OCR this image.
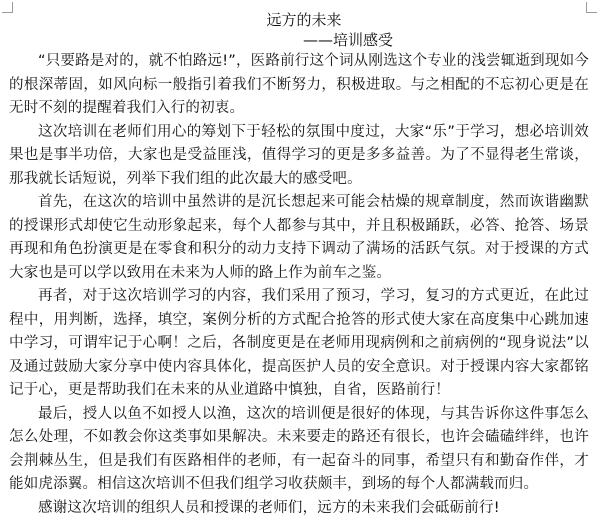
远方的未来

——培训感受

“只要路是对的，就不怕路远!”，医路前行这个词从刚选这个专业的浅尝辄逝到现如今的根深蒂固，如风向标一般指引着我们不断努力，积极进取。与之相配的不忘初心更是在无时不刻的提醒着我们入行的初衷。

这次培训在老师们用心的筹划下于轻松的氛围中度过，大家“乐”于学习，想必培训效果也是事半功倍，大家也是受益匪浅，值得学习的更是多多益善。为了不显得老生常谈，那我就长话短说，列举下我们组的此次最大的感受吧。

首先，在这次的培训中虽然讲的是沉长想起来可能会枯燥的规章制度，然而诙谐幽默的授课形式却使它生动形象起来，每个人都参与其中，并且积极踊跃，必答、抢答、场景再现和角色扮演更是在零食和积分的动力支持下调动了满场的活跃气氛。对于授课的方式大家也是可以学以致用在未来为人师的路上作为前车之鉴。

再者，对于这次培训学习的内容，我们采用了预习，学习，复习的方式更近，在此过程中，用判断，选择，填空，案例分析的方式配合抢答的形式使大家在高度集中心跳加速中学习，可谓牢记于心啊！之后，各制度更是在老师用现病例和之前病例的“现身说法”以及通过鼓励大家分享中使内容具体化，提高医护人员的安全意识。对于授课内容大家都铭记于心，更是帮助我们在未来的从业道路中慎独，自省，医路前行！

最后，授人以鱼不如授人以渔，这次的培训便是很好的体现，与其告诉你这件事怎么怎么处理，不如教会你这类事如果解决。未来要走的路还有很长，也许会磕磕绊绊，也许会荆棘丛生，但是我们有医路相伴的老师，有一起奋斗的同事，希望只有和勤奋作伴，才能如虎添翼。相信这次培训不但我们组学习收获颇丰，到场的每个人都满载而归。

感谢这次培训的组织人员和授课的老师们，远方的未来我们会砥砺前行!
